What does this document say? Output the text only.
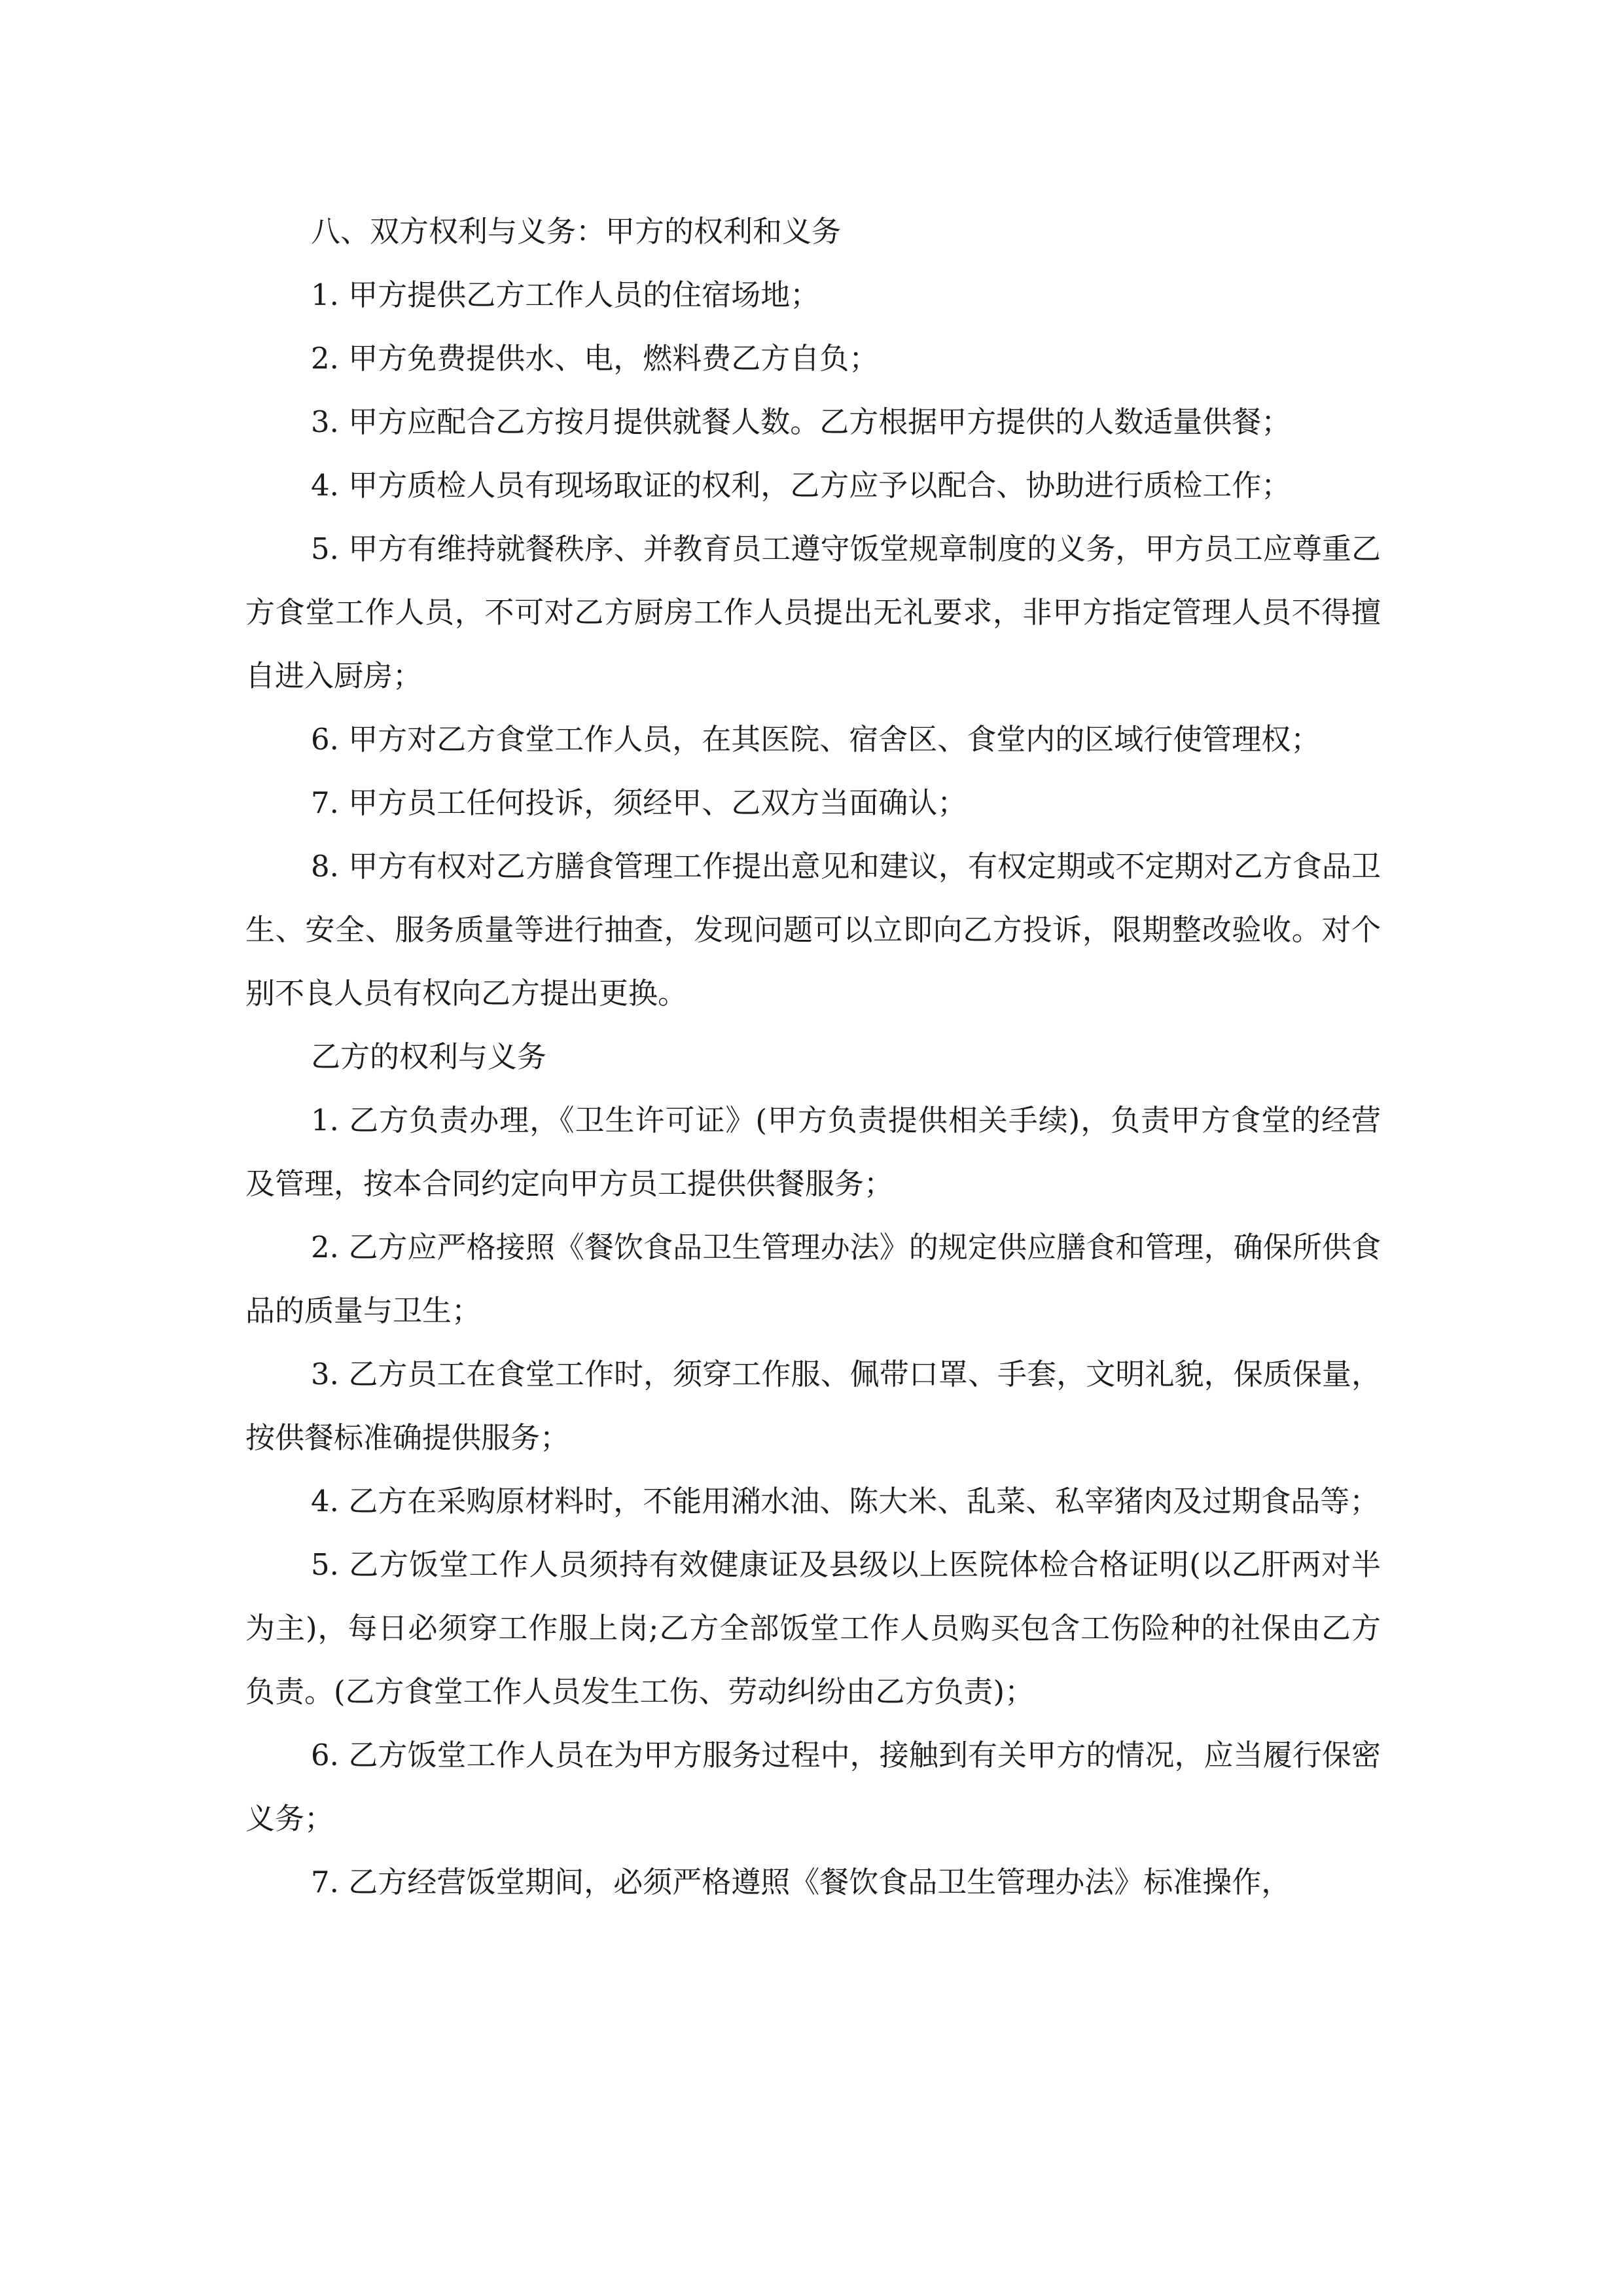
八、双方权利与义务：甲方的权利和义务

1. 甲方提供乙方工作人员的住宿场地；

2. 甲方免费提供水、电，燃料费乙方自负；

3. 甲方应配合乙方按月提供就餐人数。乙方根据甲方提供的人数适量供餐；

4. 甲方质检人员有现场取证的权利，乙方应予以配合、协助进行质检工作；

5. 甲方有维持就餐秩序、并教育员工遵守饭堂规章制度的义务，甲方员工应尊重乙方食堂工作人员，不可对乙方厨房工作人员提出无礼要求，非甲方指定管理人员不得擅自进入厨房；

6. 甲方对乙方食堂工作人员，在其医院、宿舍区、食堂内的区域行使管理权；

7. 甲方员工任何投诉，须经甲、乙双方当面确认；

8. 甲方有权对乙方膳食管理工作提出意见和建议，有权定期或不定期对乙方食品卫生、安全、服务质量等进行抽查，发现问题可以立即向乙方投诉，限期整改验收。对个别不良人员有权向乙方提出更换。

乙方的权利与义务

1. 乙方负责办理，《卫生许可证》(甲方负责提供相关手续)，负责甲方食堂的经营及管理，按本合同约定向甲方员工提供供餐服务；

2. 乙方应严格接照《餐饮食品卫生管理办法》的规定供应膳食和管理，确保所供食品的质量与卫生；

3. 乙方员工在食堂工作时，须穿工作服、佩带口罩、手套，文明礼貌，保质保量，按供餐标准确提供服务；

4. 乙方在采购原材料时，不能用潲水油、陈大米、乱菜、私宰猪肉及过期食品等；

5. 乙方饭堂工作人员须持有效健康证及县级以上医院体检合格证明(以乙肝两对半为主)，每日必须穿工作服上岗;乙方全部饭堂工作人员购买包含工伤险种的社保由乙方负责。(乙方食堂工作人员发生工伤、劳动纠纷由乙方负责)；

6. 乙方饭堂工作人员在为甲方服务过程中，接触到有关甲方的情况，应当履行保密义务；

7. 乙方经营饭堂期间，必须严格遵照《餐饮食品卫生管理办法》标准操作，
